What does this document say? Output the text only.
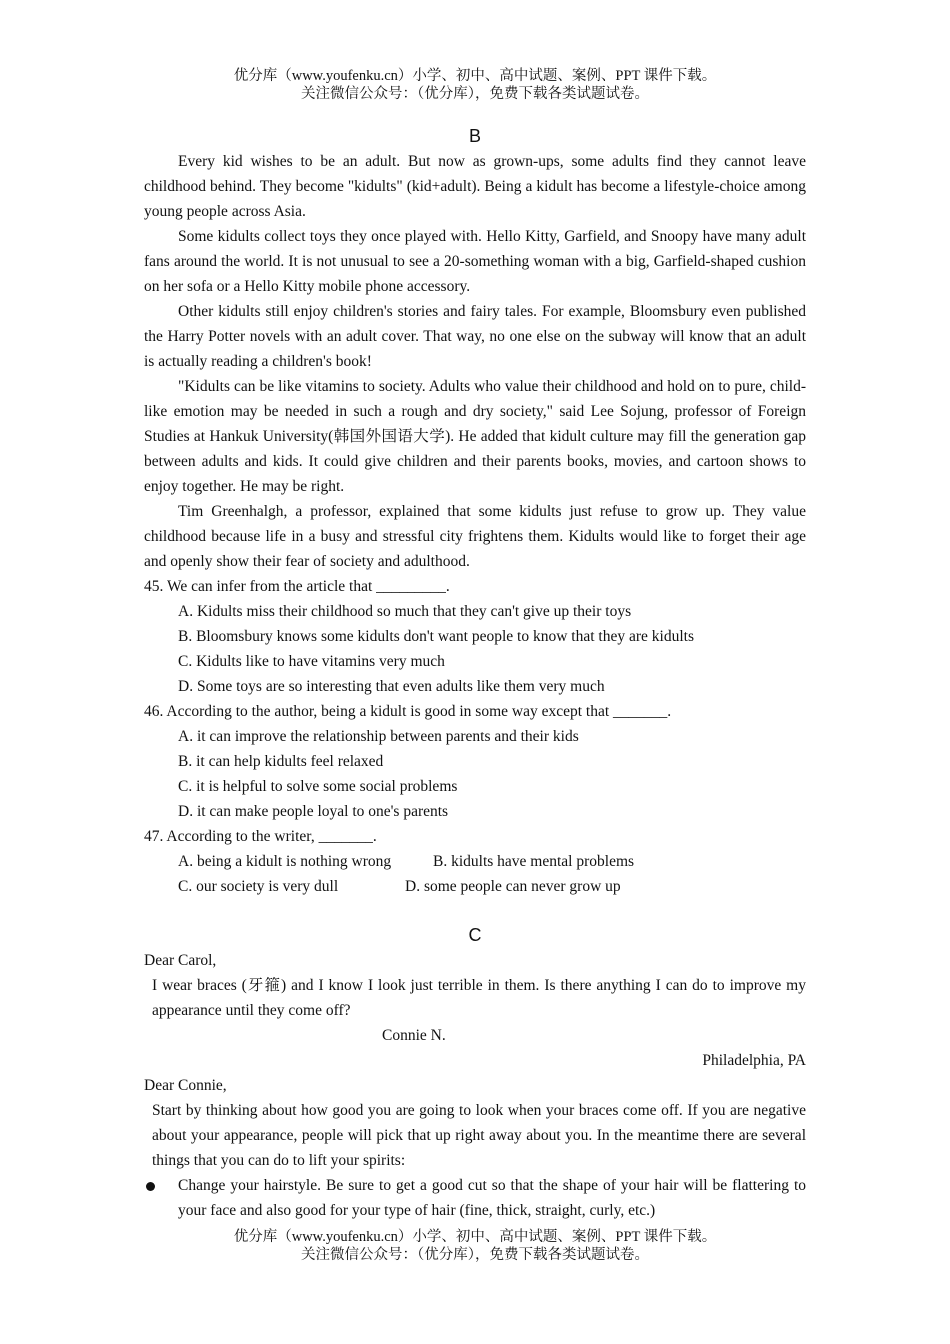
优分库（www.youfenku.cn）小学、初中、高中试题、案例、PPT 课件下载。
关注微信公众号：（优分库），免费下载各类试题试卷。
B

Every kid wishes to be an adult. But now as grown-ups, some adults find they cannot leave childhood behind. They become "kidults" (kid+adult). Being a kidult has become a lifestyle-choice among young people across Asia.

Some kidults collect toys they once played with. Hello Kitty, Garfield, and Snoopy have many adult fans around the world. It is not unusual to see a 20-something woman with a big, Garfield-shaped cushion on her sofa or a Hello Kitty mobile phone accessory.

Other kidults still enjoy children's stories and fairy tales. For example, Bloomsbury even published the Harry Potter novels with an adult cover. That way, no one else on the subway will know that an adult is actually reading a children's book!

"Kidults can be like vitamins to society. Adults who value their childhood and hold on to pure, child-like emotion may be needed in such a rough and dry society," said Lee Sojung, professor of Foreign Studies at Hankuk University(韩国外国语大学). He added that kidult culture may fill the generation gap between adults and kids. It could give children and their parents books, movies, and cartoon shows to enjoy together. He may be right.

Tim Greenhalgh, a professor, explained that some kidults just refuse to grow up. They value childhood because life in a busy and stressful city frightens them. Kidults would like to forget their age and openly show their fear of society and adulthood.

45. We can infer from the article that _________.

A. Kidults miss their childhood so much that they can't give up their toys

B. Bloomsbury knows some kidults don't want people to know that they are kidults

C. Kidults like to have vitamins very much

D. Some toys are so interesting that even adults like them very much

46. According to the author, being a kidult is good in some way except that _______.

A. it can improve the relationship between parents and their kids

B. it can help kidults feel relaxed

C. it is helpful to solve some social problems

D. it can make people loyal to one's parents

47. According to the writer, _______.

A. being a kidult is nothing wrong	B. kidults have mental problems
C. our society is very dull	D. some people can never grow up
C

Dear Carol,

I wear braces (牙箍) and I know I look just terrible in them. Is there anything I can do to improve my appearance until they come off?

Connie N.

Philadelphia, PA

Dear Connie,

Start by thinking about how good you are going to look when your braces come off. If you are negative about your appearance, people will pick that up right away about you. In the meantime there are several things that you can do to lift your spirits:

Change your hairstyle. Be sure to get a good cut so that the shape of your hair will be flattering to your face and also good for your type of hair (fine, thick, straight, curly, etc.)
优分库（www.youfenku.cn）小学、初中、高中试题、案例、PPT 课件下载。
关注微信公众号：（优分库），免费下载各类试题试卷。
